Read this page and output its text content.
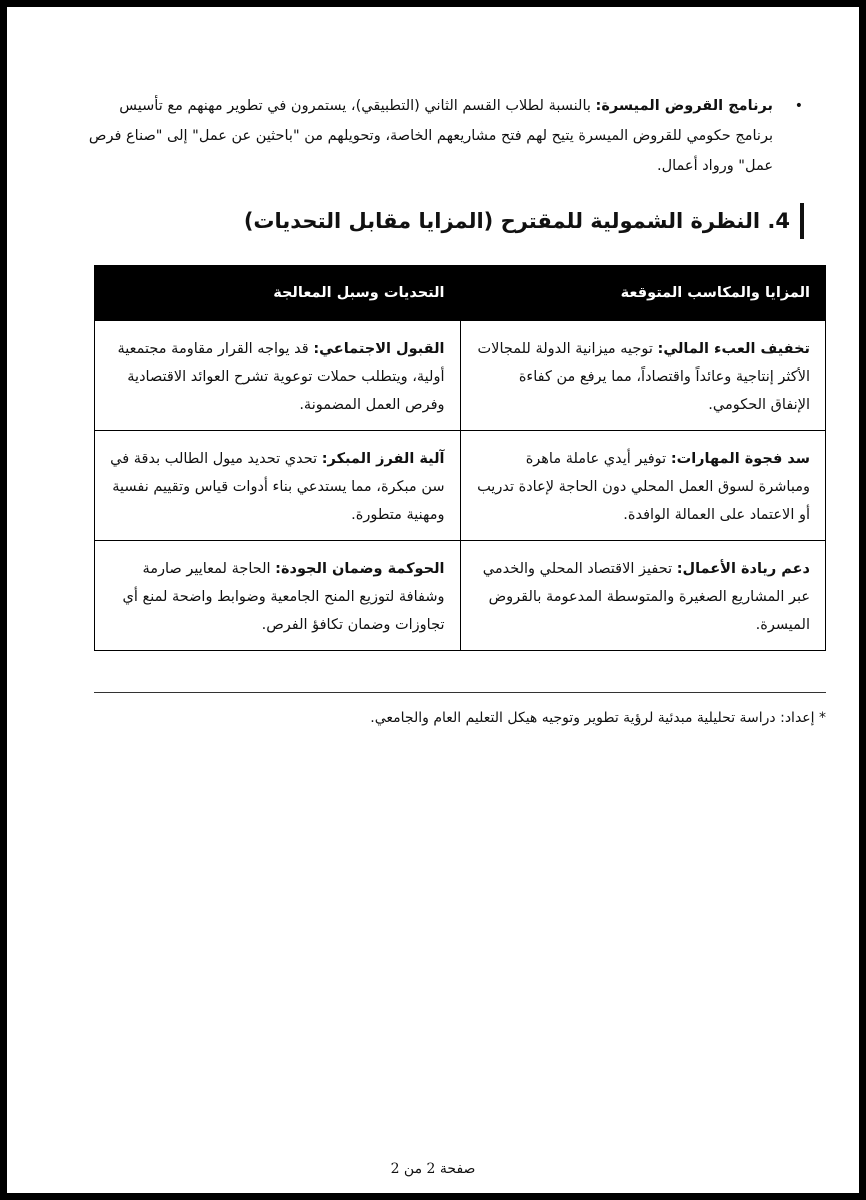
•
برنامج القروض الميسرة: بالنسبة لطلاب القسم الثاني (التطبيقي)، يستمرون في تطوير مهنهم مع تأسيس برنامج حكومي للقروض الميسرة يتيح لهم فتح مشاريعهم الخاصة، وتحويلهم من "باحثين عن عمل" إلى "صناع فرص عمل" ورواد أعمال.
4. النظرة الشمولية للمقترح (المزايا مقابل التحديات)
المزايا والمكاسب المتوقعة	التحديات وسبل المعالجة
تخفيف العبء المالي: توجيه ميزانية الدولة للمجالات الأكثر إنتاجية وعائداً واقتصاداً، مما يرفع من كفاءة الإنفاق الحكومي.	القبول الاجتماعي: قد يواجه القرار مقاومة مجتمعية أولية، ويتطلب حملات توعوية تشرح العوائد الاقتصادية وفرص العمل المضمونة.
سد فجوة المهارات: توفير أيدي عاملة ماهرة ومباشرة لسوق العمل المحلي دون الحاجة لإعادة تدريب أو الاعتماد على العمالة الوافدة.	آلية الفرز المبكر: تحدي تحديد ميول الطالب بدقة في سن مبكرة، مما يستدعي بناء أدوات قياس وتقييم نفسية ومهنية متطورة.
دعم ريادة الأعمال: تحفيز الاقتصاد المحلي والخدمي عبر المشاريع الصغيرة والمتوسطة المدعومة بالقروض الميسرة.	الحوكمة وضمان الجودة: الحاجة لمعايير صارمة وشفافة لتوزيع المنح الجامعية وضوابط واضحة لمنع أي تجاوزات وضمان تكافؤ الفرص.
* إعداد: دراسة تحليلية مبدئية لرؤية تطوير وتوجيه هيكل التعليم العام والجامعي.
صفحة 2 من 2
